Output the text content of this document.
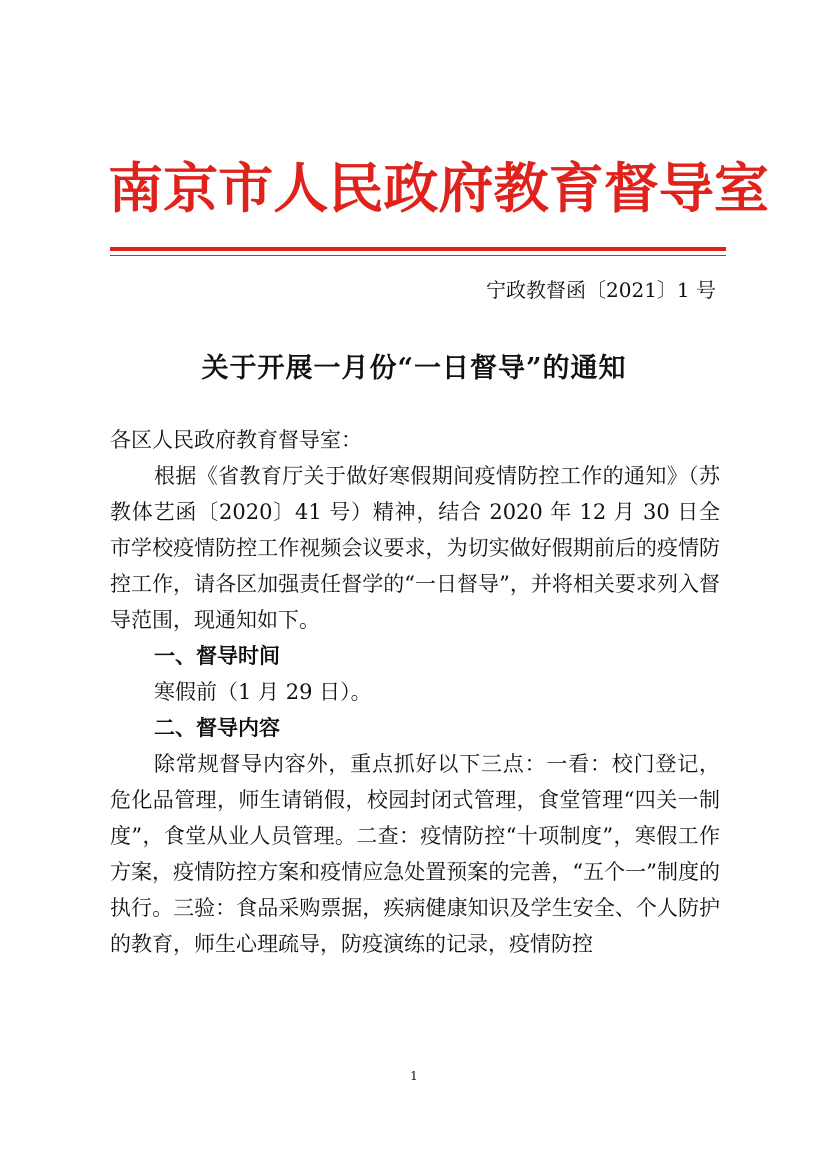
南京市人民政府教育督导室
宁政教督函〔2021〕1 号
关于开展一月份“一日督导”的通知

各区人民政府教育督导室：

根据《省教育厅关于做好寒假期间疫情防控工作的通知》（苏教体艺函〔2020〕41 号）精神，结合 2020 年 12 月 30 日全市学校疫情防控工作视频会议要求，为切实做好假期前后的疫情防控工作，请各区加强责任督学的“一日督导”，并将相关要求列入督导范围，现通知如下。

一、督导时间

寒假前（1 月 29 日）。

二、督导内容

除常规督导内容外，重点抓好以下三点：一看：校门登记，危化品管理，师生请销假，校园封闭式管理，食堂管理“四关一制度”，食堂从业人员管理。二查：疫情防控“十项制度”，寒假工作方案，疫情防控方案和疫情应急处置预案的完善，“五个一”制度的执行。三验：食品采购票据，疾病健康知识及学生安全、个人防护的教育，师生心理疏导，防疫演练的记录，疫情防控

1
